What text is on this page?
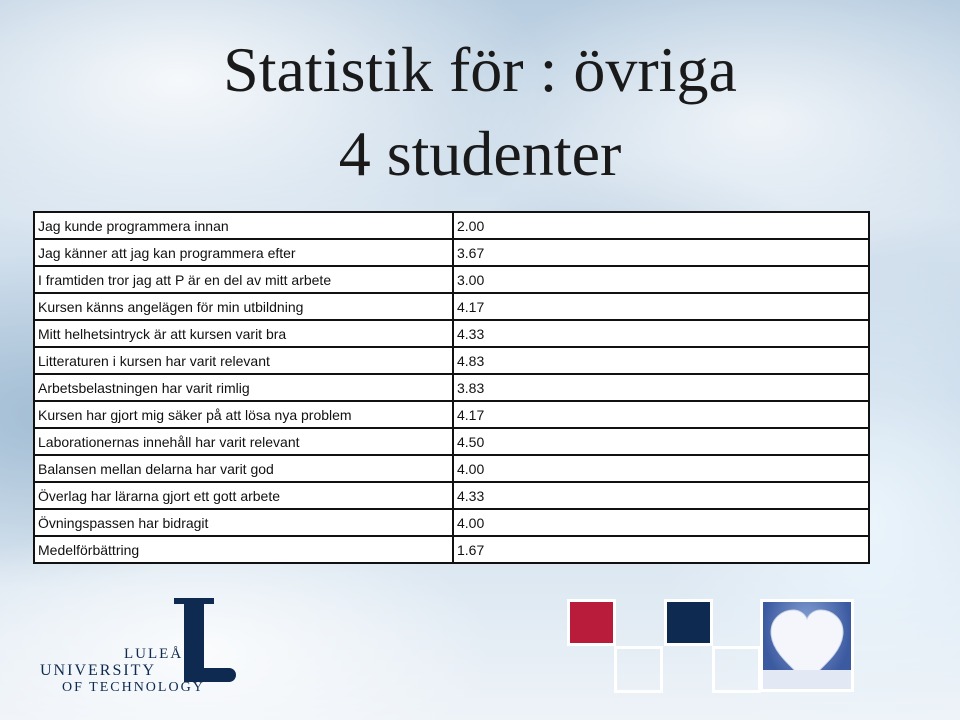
Statistik för : övriga
4 studenter
Jag kunde programmera innan	2.00
Jag känner att jag kan programmera efter	3.67
I framtiden tror jag att P är en del av mitt arbete	3.00
Kursen känns angelägen för min utbildning	4.17
Mitt helhetsintryck är att kursen varit bra	4.33
Litteraturen i kursen har varit relevant	4.83
Arbetsbelastningen har varit rimlig	3.83
Kursen har gjort mig säker på att lösa nya problem	4.17
Laborationernas innehåll har varit relevant	4.50
Balansen mellan delarna har varit god	4.00
Överlag har lärarna gjort ett gott arbete	4.33
Övningspassen har bidragit	4.00
Medelförbättring	1.67
LULEÅ
UNIVERSITY
OF TECHNOLOGY
